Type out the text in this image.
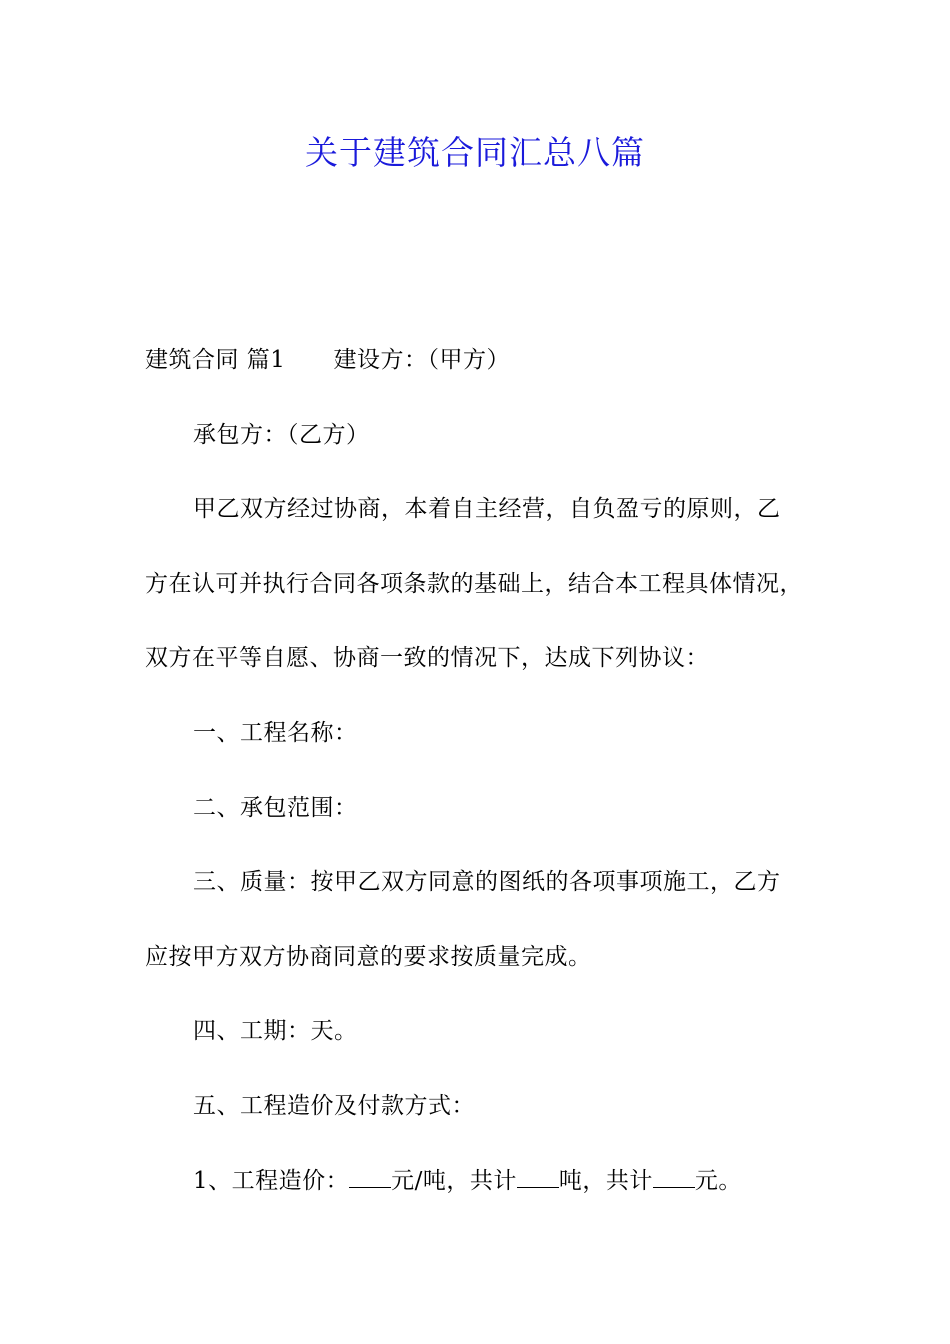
关于建筑合同汇总八篇
建筑合同 篇1 建设方：（甲方）
承包方：（乙方）
甲乙双方经过协商，本着自主经营，自负盈亏的原则，乙
方在认可并执行合同各项条款的基础上，结合本工程具体情况，
双方在平等自愿、协商一致的情况下，达成下列协议：
一、工程名称：
二、承包范围：
三、质量：按甲乙双方同意的图纸的各项事项施工，乙方
应按甲方双方协商同意的要求按质量完成。
四、工期：天。
五、工程造价及付款方式：
1、工程造价： 元/吨，共计 吨，共计 元。
